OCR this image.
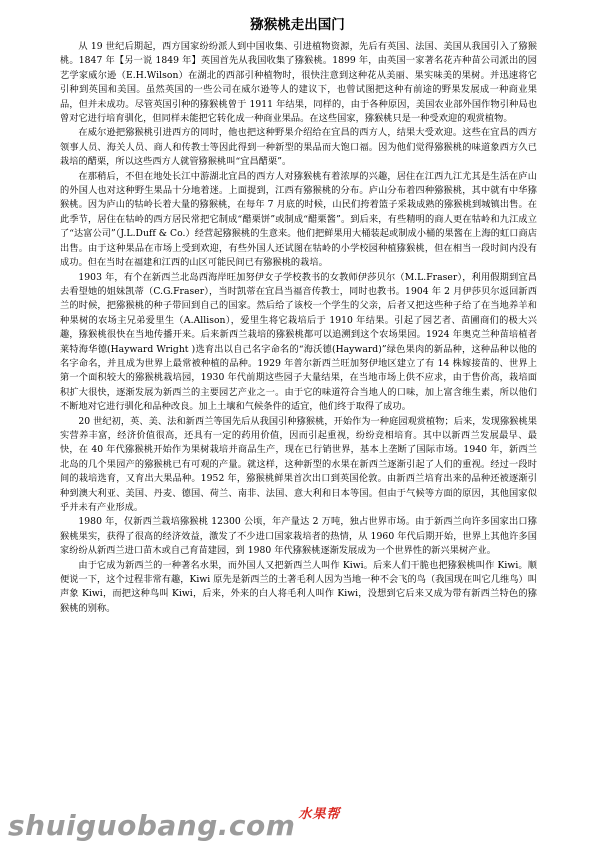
猕猴桃走出国门

从 19 世纪后期起，西方国家纷纷派人到中国收集、引进植物资源，先后有英国、法国、美国从我国引入了猕猴桃。1847 年【另一说 1849 年】英国首先从我国收集了猕猴桃。1899 年，由英国一家著名花卉种苗公司派出的园艺学家威尔逊（E.H.Wilson）在湖北的西部引种植物时，很快注意到这种花从美丽、果实味美的果树。并迅速将它引种到英国和美国。虽然英国的一些公司在威尔逊等人的建议下，也曾试图把这种有前途的野果发展成一种商业果品，但并未成功。尽管英国引种的猕猴桃曾于 1911 年结果，同样的，由于各种原因，美国农业部外国作物引种局也曾对它进行培育驯化，但同样未能把它转化成一种商业果品。在这些国家，猕猴桃只是一种受欢迎的观赏植物。

在威尔逊把猕猴桃引进西方的同时，他也把这种野果介绍给在宜昌的西方人，结果大受欢迎。这些在宜昌的西方领事人员、海关人员、商人和传教士等因此得到一种新型的果品而大饱口福。因为他们觉得猕猴桃的味道象西方久已栽培的醋栗，所以这些西方人就管猕猴桃叫“宜昌醋栗”。

在那稍后，不但在地处长江中游湖北宜昌的西方人对猕猴桃有着浓厚的兴趣，居住在江西九江尤其是生活在庐山的外国人也对这种野生果品十分地着迷。上面提到，江西有猕猴桃的分布。庐山分布着四种猕猴桃，其中就有中华猕猴桃。因为庐山的牯岭长着大量的猕猴桃，在每年 7 月底的时候，山民们挎着篮子采栽成熟的猕猴桃到城镇出售。在此季节，居住在牯岭的西方居民常把它制成“醋栗饼”或制成“醋栗酱”。到后来，有些精明的商人更在牯岭和九江成立了“达富公司”（J.L.Duff & Co.）经营起猕猴桃的生意来。他们把鲜果用大桶装起或制成小桶的果酱在上海的虹口商店出售。由于这种果品在市场上受到欢迎，有些外国人还试图在牯岭的小学校园种植猕猴桃，但在相当一段时间内没有成功。但在当时在福建和江西的山区可能民间已有猕猴桃的栽培。

1903 年，有个在新西兰北岛西海岸旺加努伊女子学校教书的女教师伊莎贝尔（M.L.Fraser），利用假期到宜昌去看望她的姐妹凯蒂（C.G.Fraser），当时凯蒂在宜昌当福音传教士，同时也教书。1904 年 2 月伊莎贝尔返回新西兰的时候，把猕猴桃的种子带回到自己的国家。然后给了该校一个学生的父亲，后者又把这些种子给了在当地养羊和种果树的农场主兄弟爱里生（A.Allison），爱里生将它栽培后于 1910 年结果。引起了园艺者、苗圃商们的极大兴趣，猕猴桃很快在当地传播开来。后来新西兰栽培的猕猴桃都可以追溯到这个农场果园。1924 年奥克兰种苗培植者莱特海华德(Hayward Wright )选育出以自己名字命名的“海沃德(Hayward)”绿色果肉的新品种，这种品种以他的名字命名，并且成为世界上最常被种植的品种。1929 年普尔新西兰旺加努伊地区建立了有 14 株嫁接苗的、世界上第一个面积较大的猕猴桃栽培园，1930 年代前期这些园子大量结果，在当地市场上供不应求，由于售价高，栽培面积扩大很快，逐渐发展为新西兰的主要园艺产业之一。由于它的味道符合当地人的口味，加上富含维生素，所以他们不断地对它进行驯化和品种改良。加上土壤和气候条件的适宜，他们终于取得了成功。

20 世纪初，英、美、法和新西兰等国先后从我国引种猕猴桃，开始作为一种庭园观赏植物；后来，发现猕猴桃果实营养丰富，经济价值很高，还具有一定的药用价值，因而引起重视，纷纷竞相培育。其中以新西兰发展最早、最快，在 40 年代猕猴桃开始作为果树栽培并商品生产，现在已行销世界，基本上垄断了国际市场。1940 年，新西兰北岛的几个果园产的猕猴桃已有可观的产量。就这样，这种新型的水果在新西兰逐渐引起了人们的重视。经过一段时间的栽培选育，又育出大果品种。1952 年，猕猴桃鲜果首次出口到英国伦敦。由新西兰培育出来的品种还被逐渐引种到澳大利亚、美国、丹麦、德国、荷兰、南非、法国、意大利和日本等国。但由于气候等方面的原因，其他国家似乎并未有产业形成。

1980 年，仅新西兰栽培猕猴桃 12300 公顷，年产量达 2 万吨，独占世界市场。由于新西兰向许多国家出口猕猴桃果实，获得了很高的经济效益，激发了不少进口国家栽培者的热情，从 1960 年代后期开始，世界上其他许多国家纷纷从新西兰进口苗木或自己育苗建园，到 1980 年代猕猴桃逐渐发展成为一个世界性的新兴果树产业。

由于它成为新西兰的一种著名水果，而外国人又把新西兰人叫作 Kiwi。后来人们干脆也把猕猴桃叫作 Kiwi。顺便说一下，这个过程非常有趣，Kiwi 原先是新西兰的土著毛利人因为当地一种不会飞的鸟（我国现在叫它几维鸟）叫声象 Kiwi，而把这种鸟叫 Kiwi，后来，外来的白人将毛利人叫作 Kiwi，没想到它后来又成为带有新西兰特色的猕猴桃的别称。

shuiguobang.com 水果帮
